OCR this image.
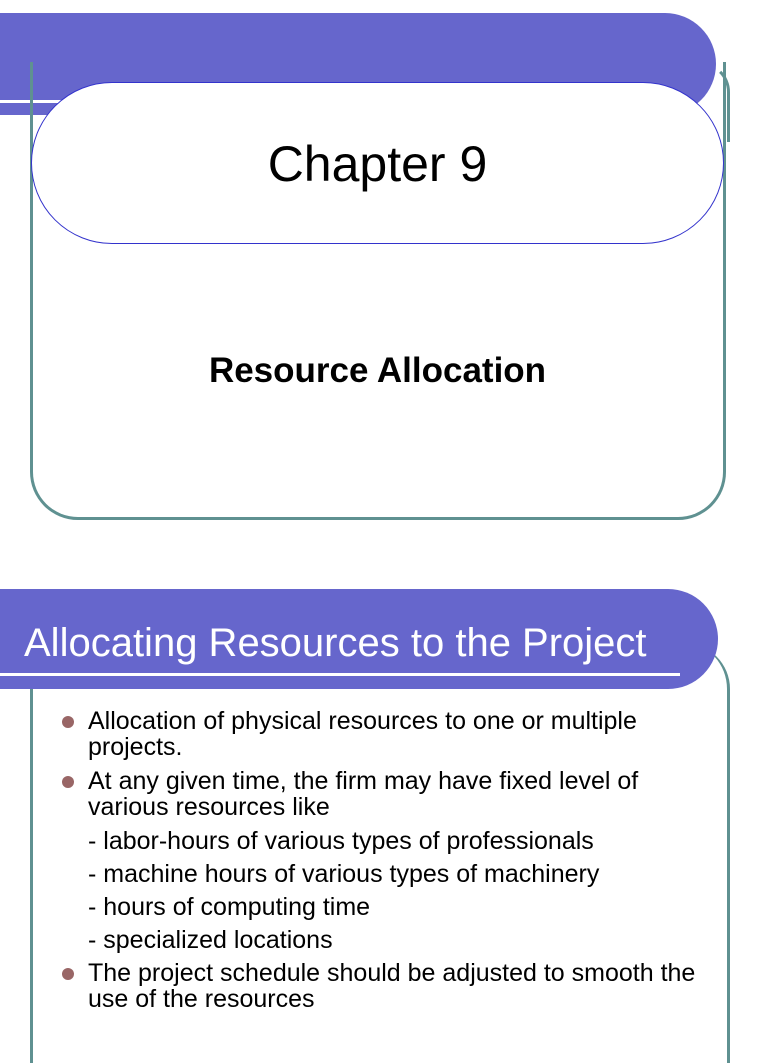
Chapter 9
Resource Allocation
Allocating Resources to the Project
Allocation of physical resources to one or multiple projects.
At any given time, the firm may have fixed level of various resources like
- labor-hours of various types of professionals
- machine hours of various types of machinery
- hours of computing time
- specialized locations
The project schedule should be adjusted to smooth the use of the resources
